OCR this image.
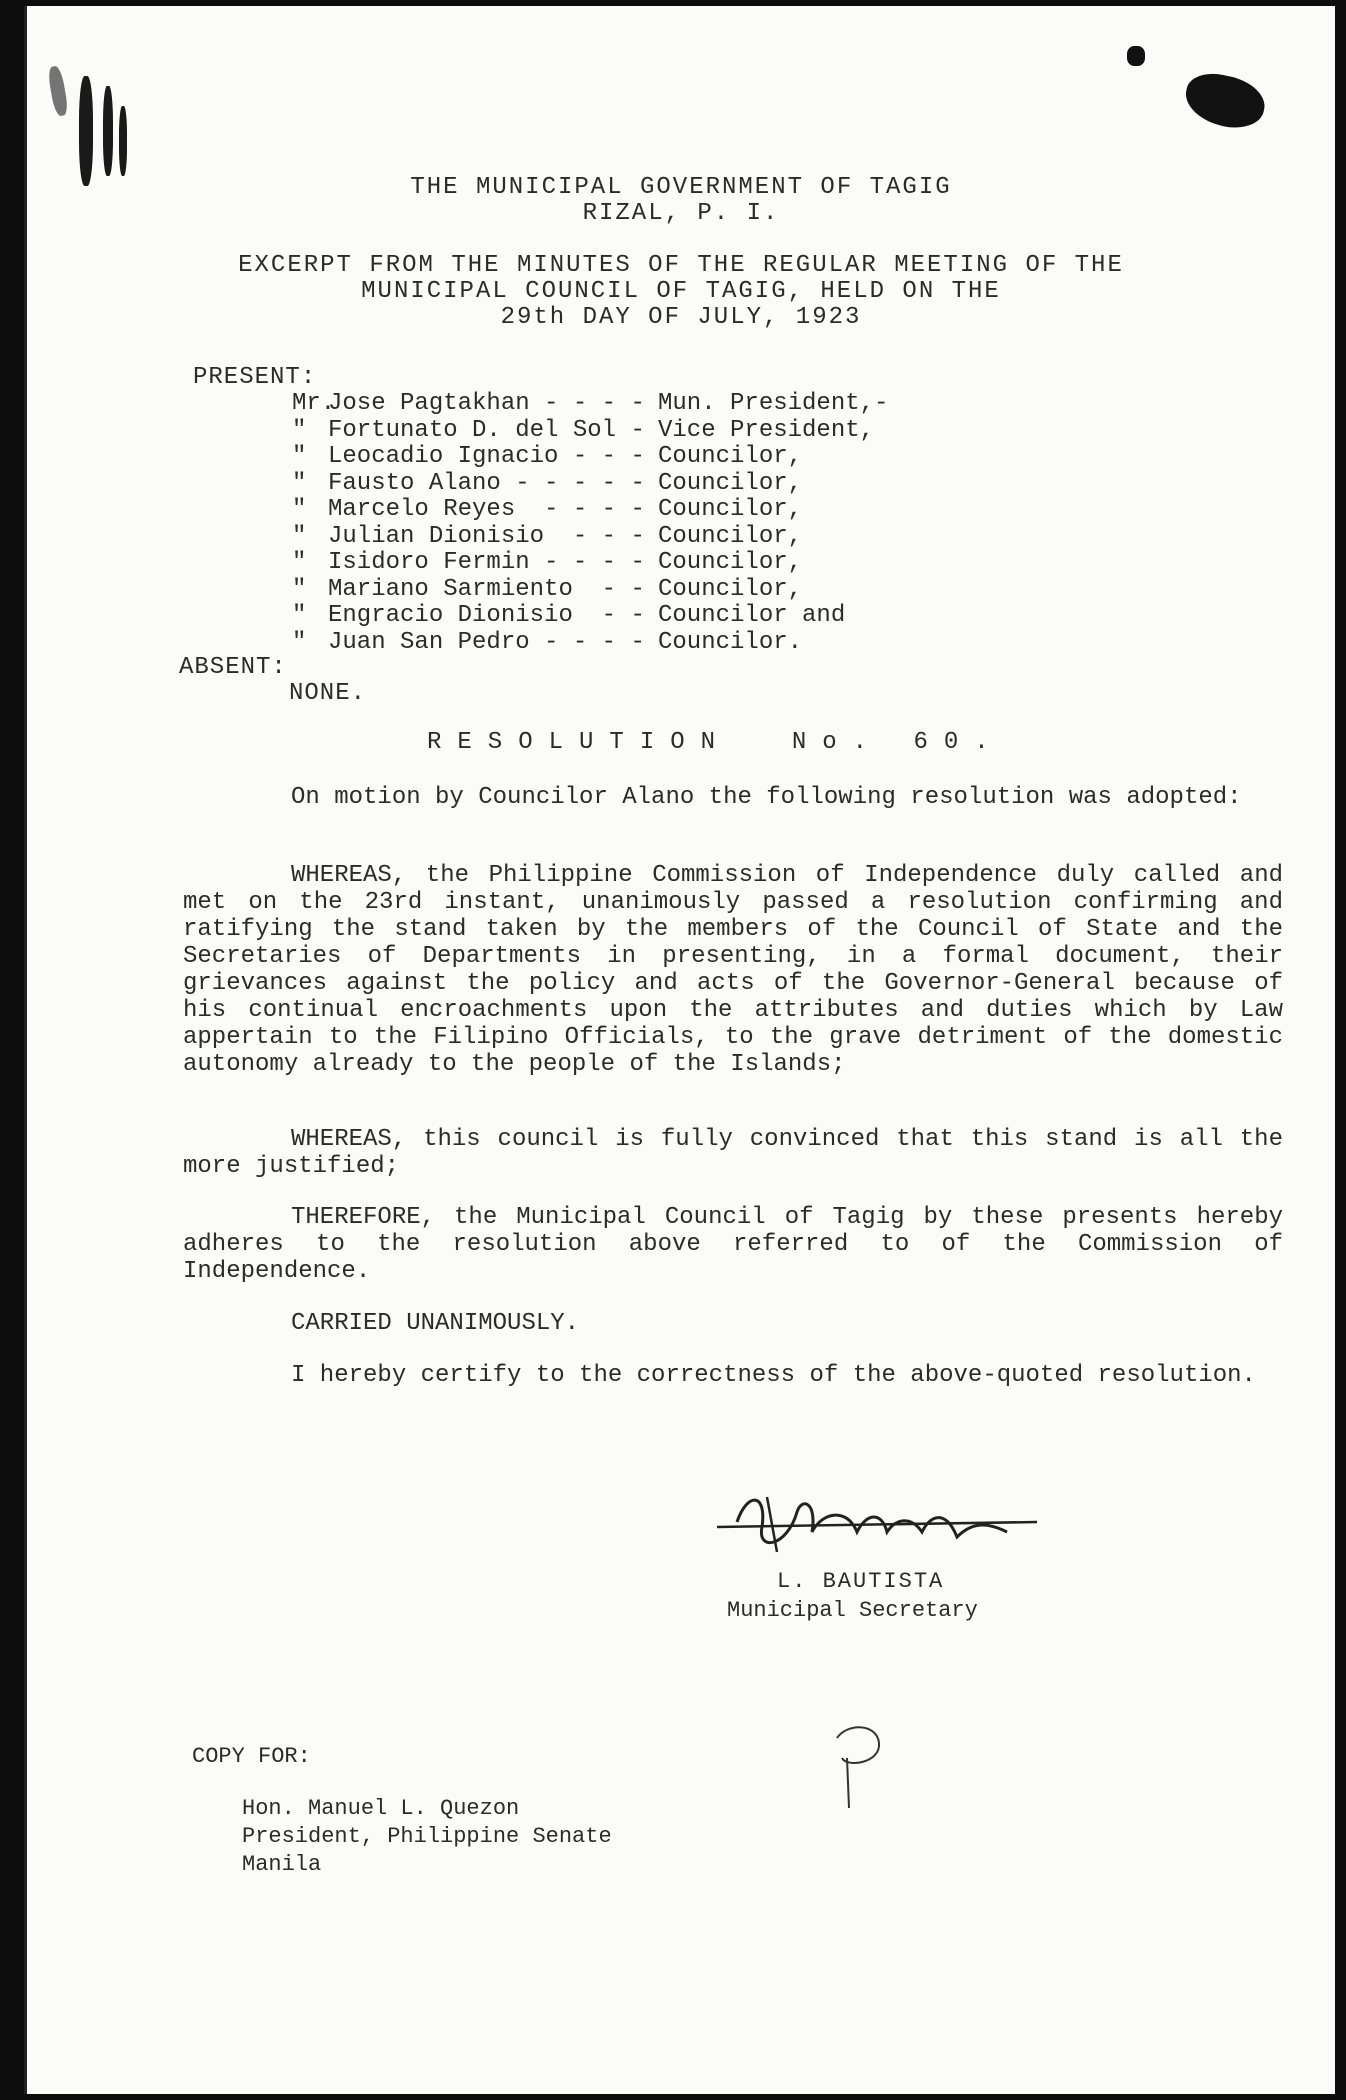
THE MUNICIPAL GOVERNMENT OF TAGIG
RIZAL, P. I.
EXCERPT FROM THE MINUTES OF THE REGULAR MEETING OF THE
MUNICIPAL COUNCIL OF TAGIG, HELD ON THE
29th DAY OF JULY, 1923
PRESENT:
Mr.Jose Pagtakhan - - - - Mun. President,-
" Fortunato D. del Sol - Vice President,
" Leocadio Ignacio - - - Councilor,
" Fausto Alano - - - - - Councilor,
" Marcelo Reyes  - - - - Councilor,
" Julian Dionisio  - - - Councilor,
" Isidoro Fermin - - - - Councilor,
" Mariano Sarmiento  - - Councilor,
" Engracio Dionisio  - - Councilor and
" Juan San Pedro - - - - Councilor.
ABSENT:
NONE.
RESOLUTION  No. 60.
On motion by Councilor Alano the following resolution was adopted:
WHEREAS, the Philippine Commission of Independence duly called and met on the 23rd instant, unanimously passed a resolution confirming and ratifying the stand taken by the members of the Council of State and the Secretaries of Departments in presenting, in a formal document, their grievances against the policy and acts of the Governor-General because of his continual encroachments upon the attributes and duties which by Law appertain to the Filipino Officials, to the grave detriment of the domestic autonomy already to the people of the Islands;
WHEREAS, this council is fully convinced that this stand is all the more justified;
THEREFORE, the Municipal Council of Tagig by these presents hereby adheres to the resolution above referred to of the Commission of Independence.
CARRIED UNANIMOUSLY.
I hereby certify to the correctness of the above-quoted resolution.
L. BAUTISTA
Municipal Secretary
COPY FOR:
Hon. Manuel L. Quezon
President, Philippine Senate
Manila
